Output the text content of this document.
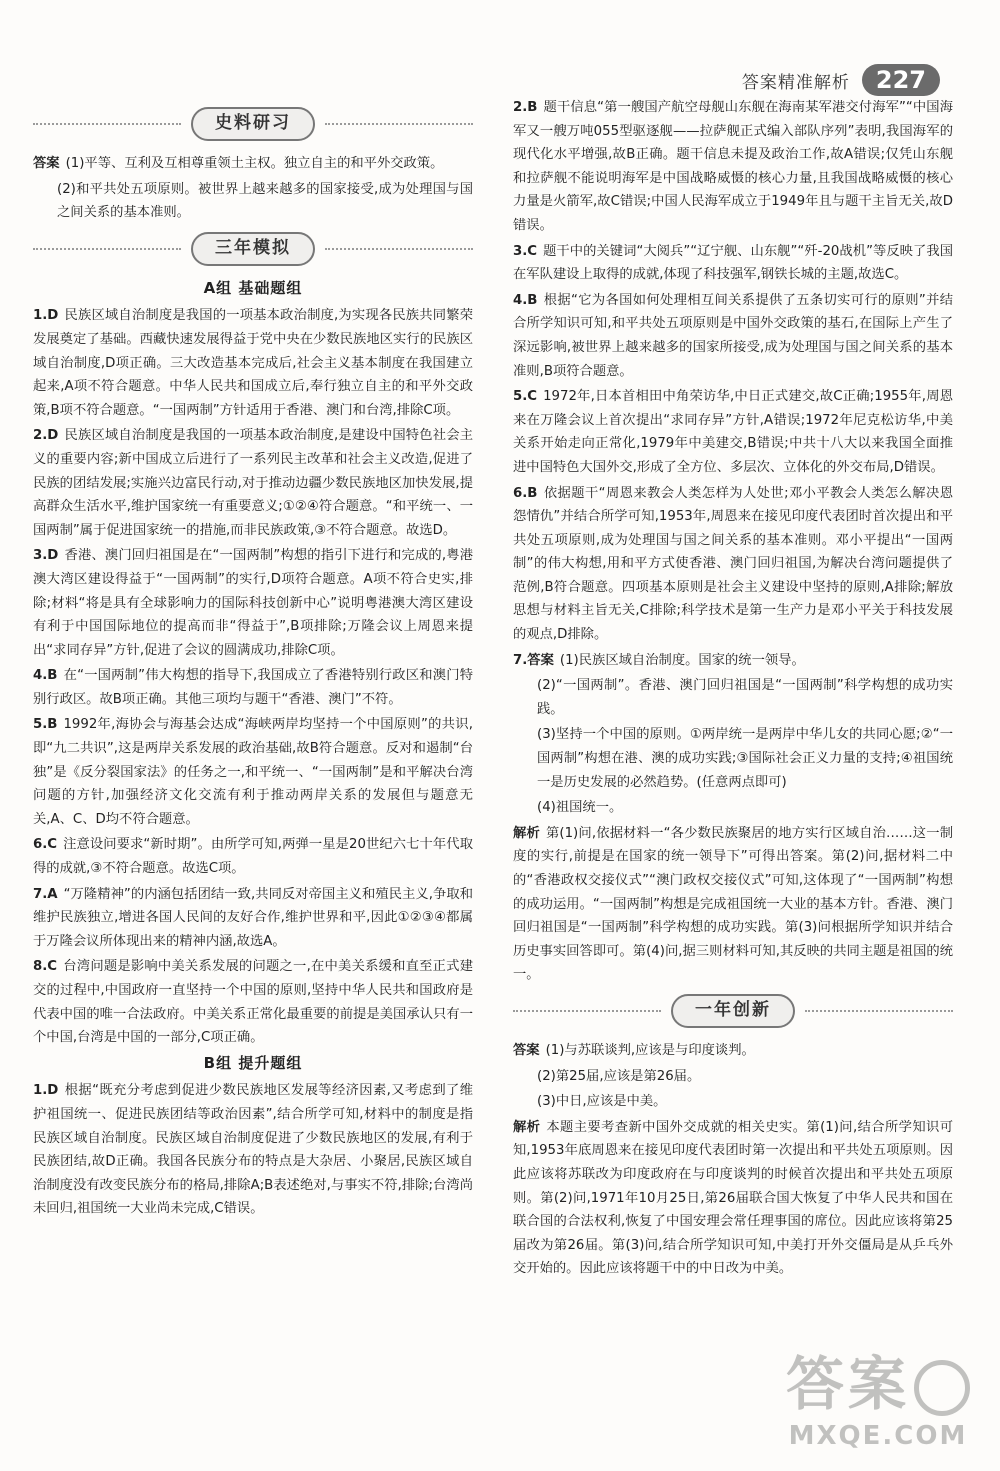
答案精准解析	227
史料研习

答案 (1)平等、互利及互相尊重领土主权。独立自主的和平外交政策。

(2)和平共处五项原则。被世界上越来越多的国家接受,成为处理国与国之间关系的基本准则。

三年模拟
A组 基础题组

1.D 民族区域自治制度是我国的一项基本政治制度,为实现各民族共同繁荣发展奠定了基础。西藏快速发展得益于党中央在少数民族地区实行的民族区域自治制度,D项正确。三大改造基本完成后,社会主义基本制度在我国建立起来,A项不符合题意。中华人民共和国成立后,奉行独立自主的和平外交政策,B项不符合题意。“一国两制”方针适用于香港、澳门和台湾,排除C项。

2.D 民族区域自治制度是我国的一项基本政治制度,是建设中国特色社会主义的重要内容;新中国成立后进行了一系列民主改革和社会主义改造,促进了民族的团结发展;实施兴边富民行动,对于推动边疆少数民族地区加快发展,提高群众生活水平,维护国家统一有重要意义;①②④符合题意。“和平统一、一国两制”属于促进国家统一的措施,而非民族政策,③不符合题意。故选D。

3.D 香港、澳门回归祖国是在“一国两制”构想的指引下进行和完成的,粤港澳大湾区建设得益于“一国两制”的实行,D项符合题意。A项不符合史实,排除;材料“将是具有全球影响力的国际科技创新中心”说明粤港澳大湾区建设有利于中国国际地位的提高而非“得益于”,B项排除;万隆会议上周恩来提出“求同存异”方针,促进了会议的圆满成功,排除C项。

4.B 在“一国两制”伟大构想的指导下,我国成立了香港特别行政区和澳门特别行政区。故B项正确。其他三项均与题干“香港、澳门”不符。

5.B 1992年,海协会与海基会达成“海峡两岸均坚持一个中国原则”的共识,即“九二共识”,这是两岸关系发展的政治基础,故B符合题意。反对和遏制“台独”是《反分裂国家法》的任务之一,和平统一、“一国两制”是和平解决台湾问题的方针,加强经济文化交流有利于推动两岸关系的发展但与题意无关,A、C、D均不符合题意。

6.C 注意设问要求“新时期”。由所学可知,两弹一星是20世纪六七十年代取得的成就,③不符合题意。故选C项。

7.A “万隆精神”的内涵包括团结一致,共同反对帝国主义和殖民主义,争取和维护民族独立,增进各国人民间的友好合作,维护世界和平,因此①②③④都属于万隆会议所体现出来的精神内涵,故选A。

8.C 台湾问题是影响中美关系发展的问题之一,在中美关系缓和直至正式建交的过程中,中国政府一直坚持一个中国的原则,坚持中华人民共和国政府是代表中国的唯一合法政府。中美关系正常化最重要的前提是美国承认只有一个中国,台湾是中国的一部分,C项正确。

B组 提升题组

1.D 根据“既充分考虑到促进少数民族地区发展等经济因素,又考虑到了维护祖国统一、促进民族团结等政治因素”,结合所学可知,材料中的制度是指民族区域自治制度。民族区域自治制度促进了少数民族地区的发展,有利于民族团结,故D正确。我国各民族分布的特点是大杂居、小聚居,民族区域自治制度没有改变民族分布的格局,排除A;B表述绝对,与事实不符,排除;台湾尚未回归,祖国统一大业尚未完成,C错误。

2.B 题干信息“第一艘国产航空母舰山东舰在海南某军港交付海军”“中国海军又一艘万吨055型驱逐舰——拉萨舰正式编入部队序列”表明,我国海军的现代化水平增强,故B正确。题干信息未提及政治工作,故A错误;仅凭山东舰和拉萨舰不能说明海军是中国战略威慑的核心力量,且我国战略威慑的核心力量是火箭军,故C错误;中国人民海军成立于1949年且与题干主旨无关,故D错误。

3.C 题干中的关键词“大阅兵”“辽宁舰、山东舰”“歼-20战机”等反映了我国在军队建设上取得的成就,体现了科技强军,钢铁长城的主题,故选C。

4.B 根据“它为各国如何处理相互间关系提供了五条切实可行的原则”并结合所学知识可知,和平共处五项原则是中国外交政策的基石,在国际上产生了深远影响,被世界上越来越多的国家所接受,成为处理国与国之间关系的基本准则,B项符合题意。

5.C 1972年,日本首相田中角荣访华,中日正式建交,故C正确;1955年,周恩来在万隆会议上首次提出“求同存异”方针,A错误;1972年尼克松访华,中美关系开始走向正常化,1979年中美建交,B错误;中共十八大以来我国全面推进中国特色大国外交,形成了全方位、多层次、立体化的外交布局,D错误。

6.B 依据题干“周恩来教会人类怎样为人处世;邓小平教会人类怎么解决恩怨情仇”并结合所学可知,1953年,周恩来在接见印度代表团时首次提出和平共处五项原则,成为处理国与国之间关系的基本准则。邓小平提出“一国两制”的伟大构想,用和平方式使香港、澳门回归祖国,为解决台湾问题提供了范例,B符合题意。四项基本原则是社会主义建设中坚持的原则,A排除;解放思想与材料主旨无关,C排除;科学技术是第一生产力是邓小平关于科技发展的观点,D排除。

7.答案 (1)民族区域自治制度。国家的统一领导。

(2)“一国两制”。香港、澳门回归祖国是“一国两制”科学构想的成功实践。

(3)坚持一个中国的原则。①两岸统一是两岸中华儿女的共同心愿;②“一国两制”构想在港、澳的成功实践;③国际社会正义力量的支持;④祖国统一是历史发展的必然趋势。(任意两点即可)

(4)祖国统一。

解析 第(1)问,依据材料一“各少数民族聚居的地方实行区域自治……这一制度的实行,前提是在国家的统一领导下”可得出答案。第(2)问,据材料二中的“香港政权交接仪式”“澳门政权交接仪式”可知,这体现了“一国两制”构想的成功运用。“一国两制”构想是完成祖国统一大业的基本方针。香港、澳门回归祖国是“一国两制”科学构想的成功实践。第(3)问根据所学知识并结合历史事实回答即可。第(4)问,据三则材料可知,其反映的共同主题是祖国的统一。

一年创新

答案 (1)与苏联谈判,应该是与印度谈判。

(2)第25届,应该是第26届。

(3)中日,应该是中美。

解析 本题主要考查新中国外交成就的相关史实。第(1)问,结合所学知识可知,1953年底周恩来在接见印度代表团时第一次提出和平共处五项原则。因此应该将苏联改为印度政府在与印度谈判的时候首次提出和平共处五项原则。第(2)问,1971年10月25日,第26届联合国大恢复了中华人民共和国在联合国的合法权利,恢复了中国安理会常任理事国的席位。因此应该将第25届改为第26届。第(3)问,结合所学知识可知,中美打开外交僵局是从乒乓外交开始的。因此应该将题干中的中日改为中美。

答案
MXQE.COM
